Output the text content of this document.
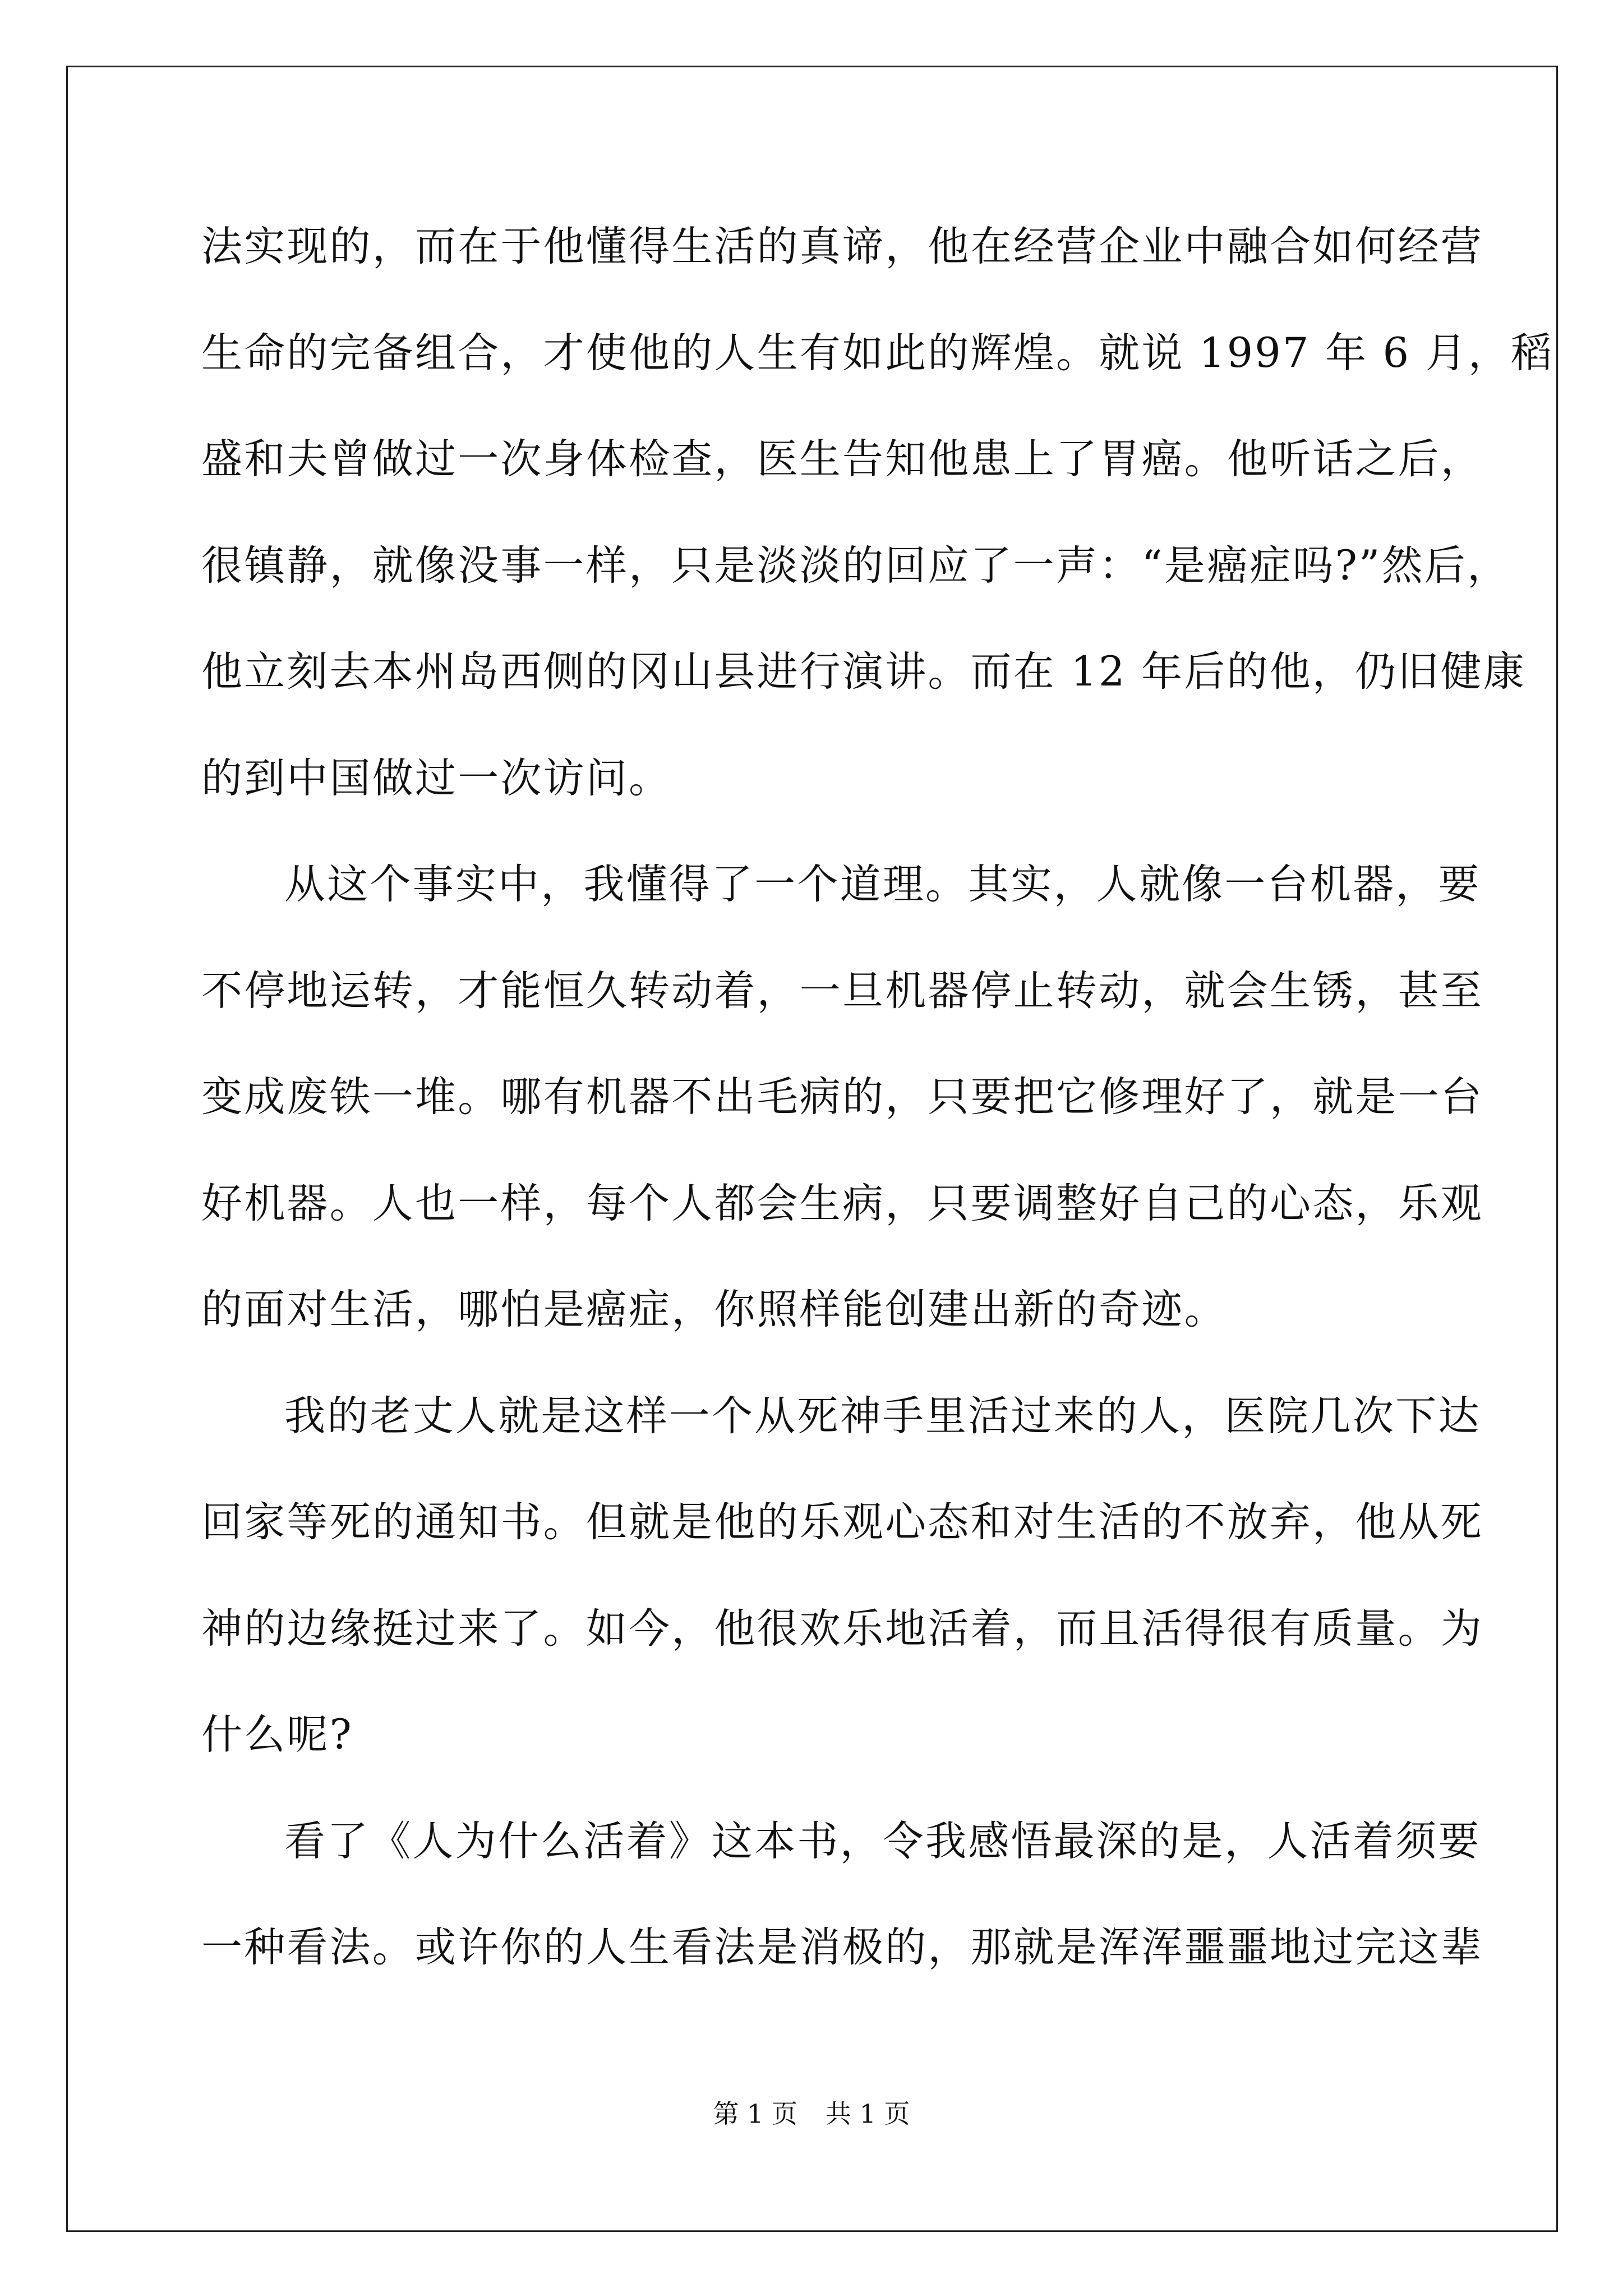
法实现的，而在于他懂得生活的真谛，他在经营企业中融合如何经营
生命的完备组合，才使他的人生有如此的辉煌。就说 1997 年 6 月，稻
盛和夫曾做过一次身体检查，医生告知他患上了胃癌。他听话之后，
很镇静，就像没事一样，只是淡淡的回应了一声：“是癌症吗?”然后，
他立刻去本州岛西侧的冈山县进行演讲。而在 12 年后的他，仍旧健康
的到中国做过一次访问。
从这个事实中，我懂得了一个道理。其实，人就像一台机器，要
不停地运转，才能恒久转动着，一旦机器停止转动，就会生锈，甚至
变成废铁一堆。哪有机器不出毛病的，只要把它修理好了，就是一台
好机器。人也一样，每个人都会生病，只要调整好自己的心态，乐观
的面对生活，哪怕是癌症，你照样能创建出新的奇迹。
我的老丈人就是这样一个从死神手里活过来的人，医院几次下达
回家等死的通知书。但就是他的乐观心态和对生活的不放弃，他从死
神的边缘挺过来了。如今，他很欢乐地活着，而且活得很有质量。为
什么呢?
看了《人为什么活着》这本书，令我感悟最深的是，人活着须要
一种看法。或许你的人生看法是消极的，那就是浑浑噩噩地过完这辈
第 1 页 共 1 页
